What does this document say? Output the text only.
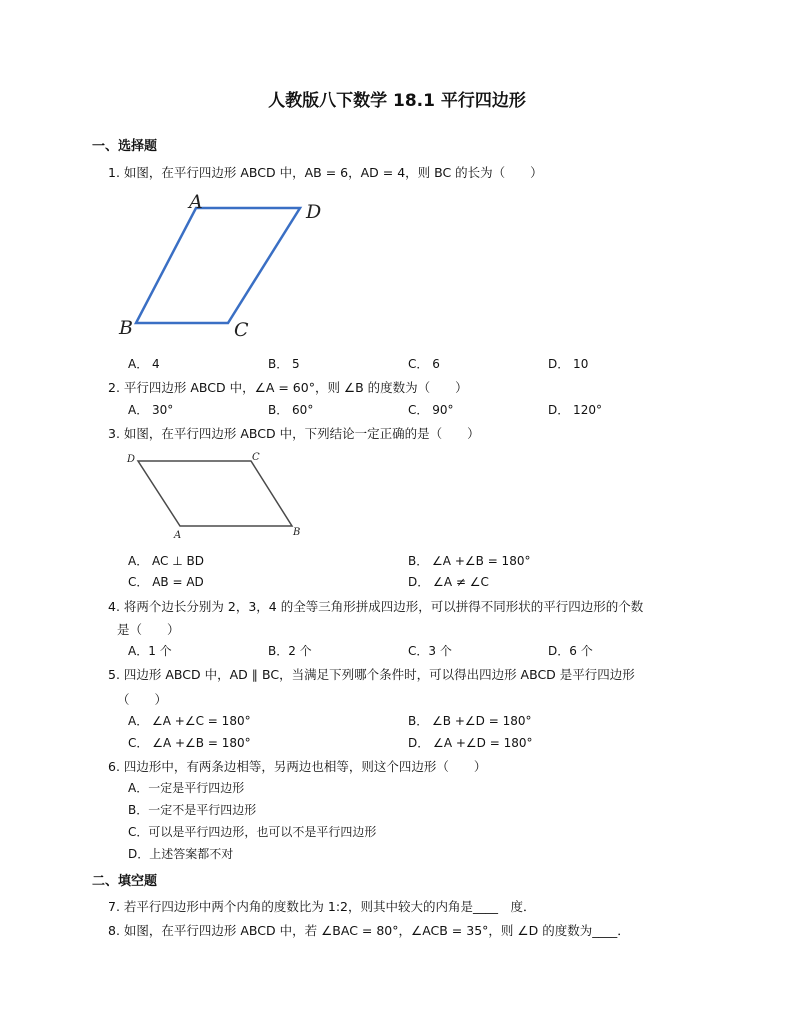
人教版八下数学 18.1 平行四边形
一、选择题
1. 如图，在平行四边形 ABCD 中，AB = 6，AD = 4，则 BC 的长为（　　）
A	D
B	C
A． 4	B． 5	C． 6	D． 10
2. 平行四边形 ABCD 中，∠A = 60°，则 ∠B 的度数为（　　）
A． 30°	B． 60°	C． 90°	D． 120°
3. 如图，在平行四边形 ABCD 中，下列结论一定正确的是（　　）
D	C
A	B
A． AC ⊥ BD	B． ∠A +∠B = 180°
C． AB = AD	D． ∠A ≠ ∠C
4. 将两个边长分别为 2，3，4 的全等三角形拼成四边形，可以拼得不同形状的平行四边形的个数
是（　　）
A．1 个	B．2 个	C．3 个	D．6 个
5. 四边形 ABCD 中，AD ∥ BC，当满足下列哪个条件时，可以得出四边形 ABCD 是平行四边形
（　　）
A． ∠A +∠C = 180°	B． ∠B +∠D = 180°
C． ∠A +∠B = 180°	D． ∠A +∠D = 180°
6. 四边形中，有两条边相等，另两边也相等，则这个四边形（　　）
A．一定是平行四边形
B．一定不是平行四边形
C．可以是平行四边形，也可以不是平行四边形
D．上述答案都不对
二、填空题
7. 若平行四边形中两个内角的度数比为 1:2，则其中较大的内角是____　度．
8. 如图，在平行四边形 ABCD 中，若 ∠BAC = 80°，∠ACB = 35°，则 ∠D 的度数为____．
